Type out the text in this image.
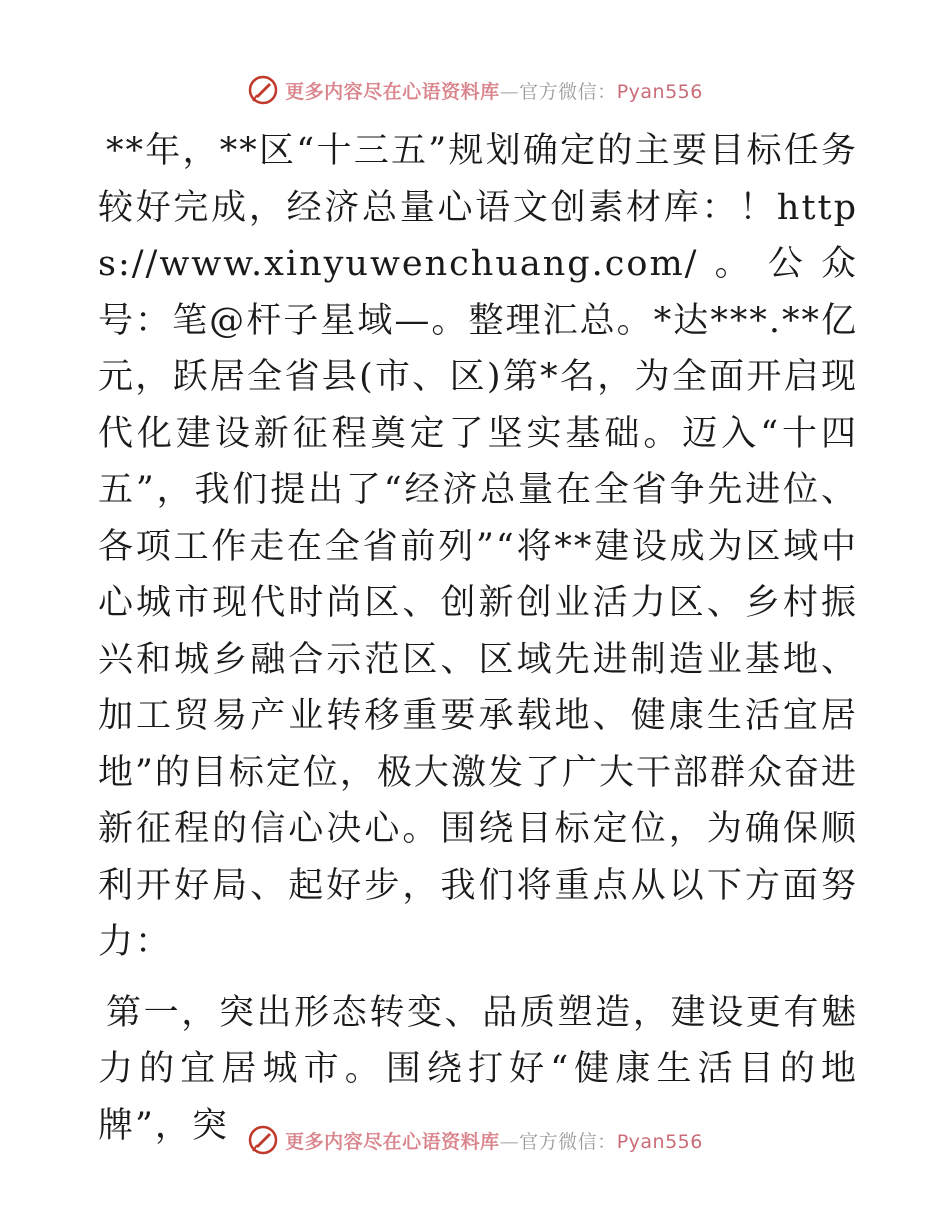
更多内容尽在心语资料库—官方微信：Pyan556

**年，**区“十三五”规划确定的主要目标任务较好完成，经济总量心语文创素材库：！https://www.xinyuwenchuang.com/。公众号：笔@杆子星域—。整理汇总。*达***.**亿元，跃居全省县(市、区)第*名，为全面开启现代化建设新征程奠定了坚实基础。迈入“十四五”，我们提出了“经济总量在全省争先进位、各项工作走在全省前列”“将**建设成为区域中心城市现代时尚区、创新创业活力区、乡村振兴和城乡融合示范区、区域先进制造业基地、加工贸易产业转移重要承载地、健康生活宜居地”的目标定位，极大激发了广大干部群众奋进新征程的信心决心。围绕目标定位，为确保顺利开好局、起好步，我们将重点从以下方面努力：

第一，突出形态转变、品质塑造，建设更有魅力的宜居城市。围绕打好“健康生活目的地牌”，突	更多内容尽在心语资料库—官方微信：Pyan556
